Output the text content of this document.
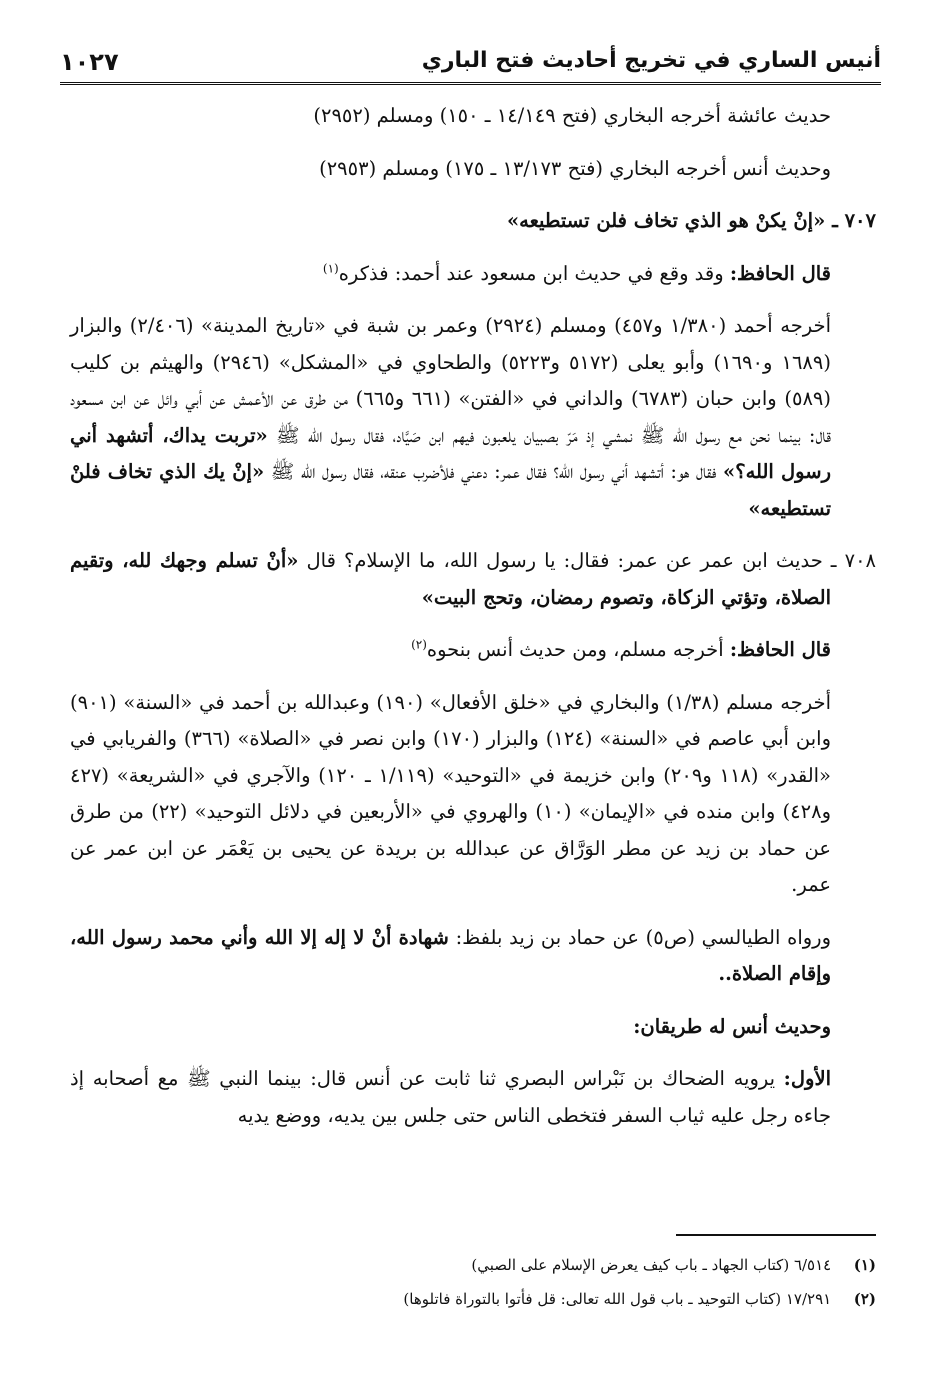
أنيس الساري في تخريج أحاديث فتح الباري
١٠٢٧

حديث عائشة أخرجه البخاري (فتح ١٤/١٤٩ ـ ١٥٠) ومسلم (٢٩٥٢)

وحديث أنس أخرجه البخاري (فتح ١٣/١٧٣ ـ ١٧٥) ومسلم (٢٩٥٣)

٧٠٧ ـ «إنْ يكنْ هو الذي تخاف فلن تستطيعه»

قال الحافظ: وقد وقع في حديث ابن مسعود عند أحمد: فذكره$^{(١)}$

أخرجه أحمد (١/٣٨٠ و٤٥٧) ومسلم (٢٩٢٤) وعمر بن شبة في «تاريخ المدينة» (٢/٤٠٦) والبزار (١٦٨٩ و١٦٩٠) وأبو يعلى (٥١٧٢ و٥٢٢٣) والطحاوي في «المشكل» (٢٩٤٦) والهيثم بن كليب (٥٨٩) وابن حبان (٦٧٨٣) والداني في «الفتن» (٦٦١ و٦٦٥) من طرق عن الأعمش عن أبي وائل عن ابن مسعود قال: بينما نحن مع رسول الله ﷺ نمشي إذ مَرّ بصبيان يلعبون فيهم ابن صَيَّاد، فقال رسول الله ﷺ «تربت يداك، أتشهد أني رسول الله؟» فقال هو: أتشهد أني رسول الله؟ فقال عمر: دعني فلأضرب عنقه، فقال رسول الله ﷺ «إنْ يك الذي تخاف فلنْ تستطيعه»

٧٠٨ ـ حديث ابن عمر عن عمر: فقال: يا رسول الله، ما الإسلام؟ قال «أنْ تسلم وجهك لله، وتقيم الصلاة، وتؤتي الزكاة، وتصوم رمضان، وتحج البيت»

قال الحافظ: أخرجه مسلم، ومن حديث أنس بنحوه$^{(٢)}$

أخرجه مسلم (١/٣٨) والبخاري في «خلق الأفعال» (١٩٠) وعبدالله بن أحمد في «السنة» (٩٠١) وابن أبي عاصم في «السنة» (١٢٤) والبزار (١٧٠) وابن نصر في «الصلاة» (٣٦٦) والفريابي في «القدر» (١١٨ و٢٠٩) وابن خزيمة في «التوحيد» (١/١١٩ ـ ١٢٠) والآجري في «الشريعة» (٤٢٧ و٤٢٨) وابن منده في «الإيمان» (١٠) والهروي في «الأربعين في دلائل التوحيد» (٢٢) من طرق عن حماد بن زيد عن مطر الوَرَّاق عن عبدالله بن بريدة عن يحيى بن يَعْمَر عن ابن عمر عن عمر.

ورواه الطيالسي (ص٥) عن حماد بن زيد بلفظ: شهادة أنْ لا إله إلا الله وأني محمد رسول الله، وإقام الصلاة..

وحديث أنس له طريقان:

الأول: يرويه الضحاك بن نَبْراس البصري ثنا ثابت عن أنس قال: بينما النبي ﷺ مع أصحابه إذ جاءه رجل عليه ثياب السفر فتخطى الناس حتى جلس بين يديه، ووضع يديه

(١) ٦/٥١٤ (كتاب الجهاد ـ باب كيف يعرض الإسلام على الصبي)
(٢) ١٧/٢٩١ (كتاب التوحيد ـ باب قول الله تعالى: قل فأتوا بالتوراة فاتلوها)
